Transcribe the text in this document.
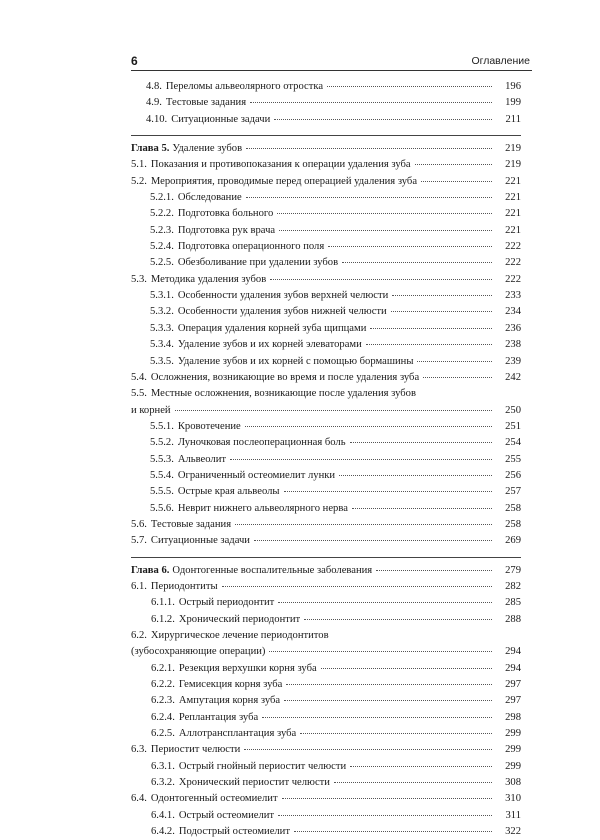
6	Оглавление
4.8. Переломы альвеолярного отростка	196
4.9. Тестовые задания	199
4.10. Ситуационные задачи	211
Глава 5. Удаление зубов	219
5.1. Показания и противопоказания к операции удаления зуба	219
5.2. Мероприятия, проводимые перед операцией удаления зуба	221
5.2.1. Обследование	221
5.2.2. Подготовка больного	221
5.2.3. Подготовка рук врача	221
5.2.4. Подготовка операционного поля	222
5.2.5. Обезболивание при удалении зубов	222
5.3. Методика удаления зубов	222
5.3.1. Особенности удаления зубов верхней челюсти	233
5.3.2. Особенности удаления зубов нижней челюсти	234
5.3.3. Операция удаления корней зуба щипцами	236
5.3.4. Удаление зубов и их корней элеваторами	238
5.3.5. Удаление зубов и их корней с помощью бормашины	239
5.4. Осложнения, возникающие во время и после удаления зуба	242
5.5. Местные осложнения, возникающие после удаления зубов
и корней	250
5.5.1. Кровотечение	251
5.5.2. Луночковая послеоперационная боль	254
5.5.3. Альвеолит	255
5.5.4. Ограниченный остеомиелит лунки	256
5.5.5. Острые края альвеолы	257
5.5.6. Неврит нижнего альвеолярного нерва	258
5.6. Тестовые задания	258
5.7. Ситуационные задачи	269
Глава 6. Одонтогенные воспалительные заболевания	279
6.1. Периодонтиты	282
6.1.1. Острый периодонтит	285
6.1.2. Хронический периодонтит	288
6.2. Хирургическое лечение периодонтитов
(зубосохраняющие операции)	294
6.2.1. Резекция верхушки корня зуба	294
6.2.2. Гемисекция корня зуба	297
6.2.3. Ампутация корня зуба	297
6.2.4. Реплантация зуба	298
6.2.5. Аллотрансплантация зуба	299
6.3. Периостит челюсти	299
6.3.1. Острый гнойный периостит челюсти	299
6.3.2. Хронический периостит челюсти	308
6.4. Одонтогенный остеомиелит	310
6.4.1. Острый остеомиелит	311
6.4.2. Подострый остеомиелит	322
